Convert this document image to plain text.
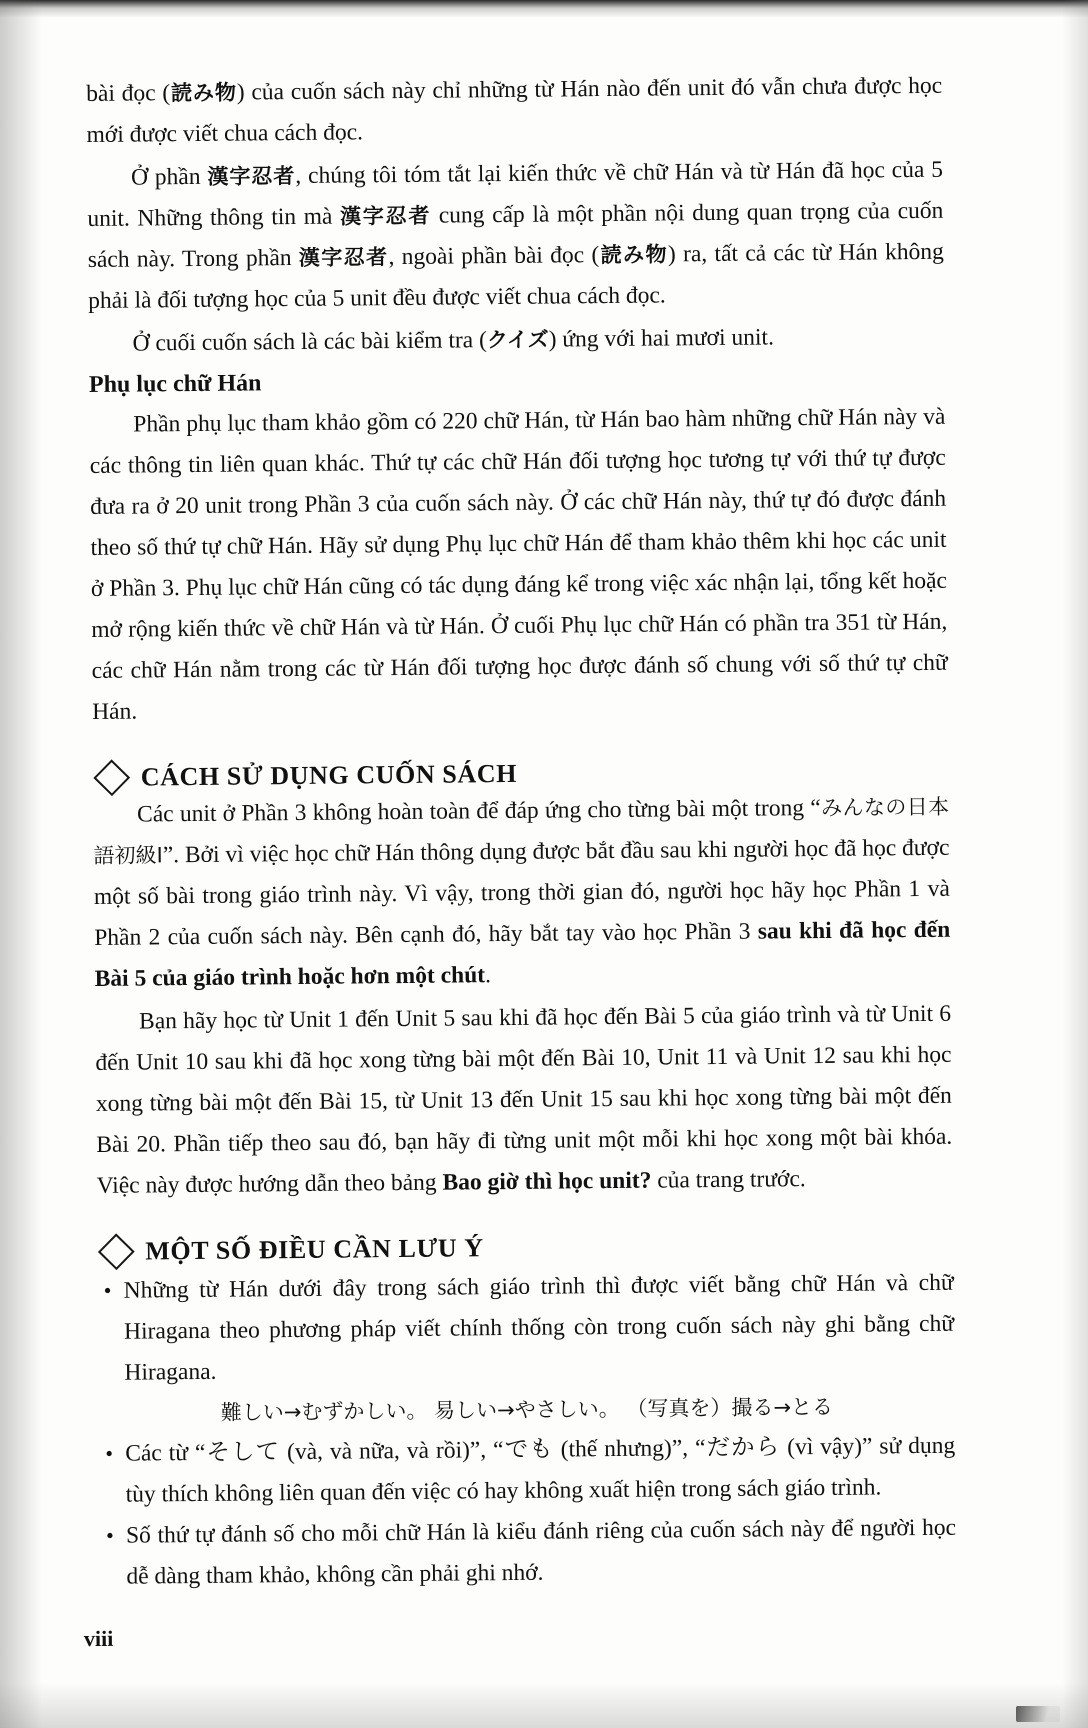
bài đọc (読み物) của cuốn sách này chỉ những từ Hán nào đến unit đó vẫn chưa được học mới được viết chua cách đọc.

Ở phần 漢字忍者, chúng tôi tóm tắt lại kiến thức về chữ Hán và từ Hán đã học của 5 unit. Những thông tin mà 漢字忍者 cung cấp là một phần nội dung quan trọng của cuốn sách này. Trong phần 漢字忍者, ngoài phần bài đọc (読み物) ra, tất cả các từ Hán không phải là đối tượng học của 5 unit đều được viết chua cách đọc.

Ở cuối cuốn sách là các bài kiểm tra (クイズ) ứng với hai mươi unit.

Phụ lục chữ Hán

Phần phụ lục tham khảo gồm có 220 chữ Hán, từ Hán bao hàm những chữ Hán này và các thông tin liên quan khác. Thứ tự các chữ Hán đối tượng học tương tự với thứ tự được đưa ra ở 20 unit trong Phần 3 của cuốn sách này. Ở các chữ Hán này, thứ tự đó được đánh theo số thứ tự chữ Hán. Hãy sử dụng Phụ lục chữ Hán để tham khảo thêm khi học các unit ở Phần 3. Phụ lục chữ Hán cũng có tác dụng đáng kể trong việc xác nhận lại, tổng kết hoặc mở rộng kiến thức về chữ Hán và từ Hán. Ở cuối Phụ lục chữ Hán có phần tra 351 từ Hán, các chữ Hán nằm trong các từ Hán đối tượng học được đánh số chung với số thứ tự chữ Hán.

CÁCH SỬ DỤNG CUỐN SÁCH

Các unit ở Phần 3 không hoàn toàn để đáp ứng cho từng bài một trong “みんなの日本語初級Ⅰ”. Bởi vì việc học chữ Hán thông dụng được bắt đầu sau khi người học đã học được một số bài trong giáo trình này. Vì vậy, trong thời gian đó, người học hãy học Phần 1 và Phần 2 của cuốn sách này. Bên cạnh đó, hãy bắt tay vào học Phần 3 sau khi đã học đến Bài 5 của giáo trình hoặc hơn một chút.

Bạn hãy học từ Unit 1 đến Unit 5 sau khi đã học đến Bài 5 của giáo trình và từ Unit 6 đến Unit 10 sau khi đã học xong từng bài một đến Bài 10, Unit 11 và Unit 12 sau khi học xong từng bài một đến Bài 15, từ Unit 13 đến Unit 15 sau khi học xong từng bài một đến Bài 20. Phần tiếp theo sau đó, bạn hãy đi từng unit một mỗi khi học xong một bài khóa. Việc này được hướng dẫn theo bảng Bao giờ thì học unit? của trang trước.

MỘT SỐ ĐIỀU CẦN LƯU Ý
• Những từ Hán dưới đây trong sách giáo trình thì được viết bằng chữ Hán và chữ Hiragana theo phương pháp viết chính thống còn trong cuốn sách này ghi bằng chữ Hiragana.
難しい→むずかしい。 易しい→やさしい。 （写真を）撮る→とる
• Các từ “そして (và, và nữa, và rồi)”, “でも (thế nhưng)”, “だから (vì vậy)” sử dụng tùy thích không liên quan đến việc có hay không xuất hiện trong sách giáo trình.
• Số thứ tự đánh số cho mỗi chữ Hán là kiểu đánh riêng của cuốn sách này để người học dễ dàng tham khảo, không cần phải ghi nhớ.
viii
